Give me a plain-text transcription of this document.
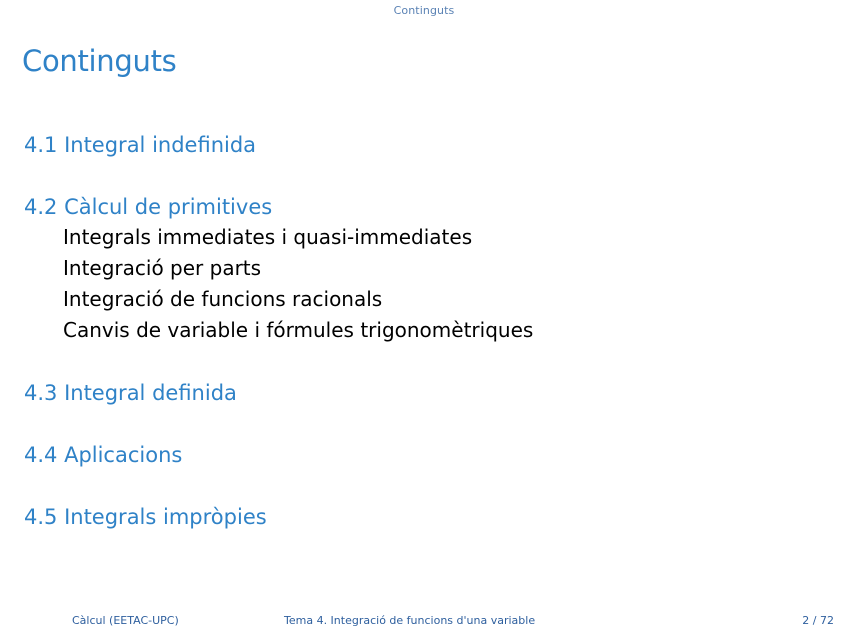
Continguts
Continguts
4.1 Integral indefinida
4.2 Càlcul de primitives
Integrals immediates i quasi-immediates
Integració per parts
Integració de funcions racionals
Canvis de variable i fórmules trigonomètriques
4.3 Integral definida
4.4 Aplicacions
4.5 Integrals impròpies
Càlcul (EETAC-UPC)	Tema 4. Integració de funcions d'una variable	2 / 72
